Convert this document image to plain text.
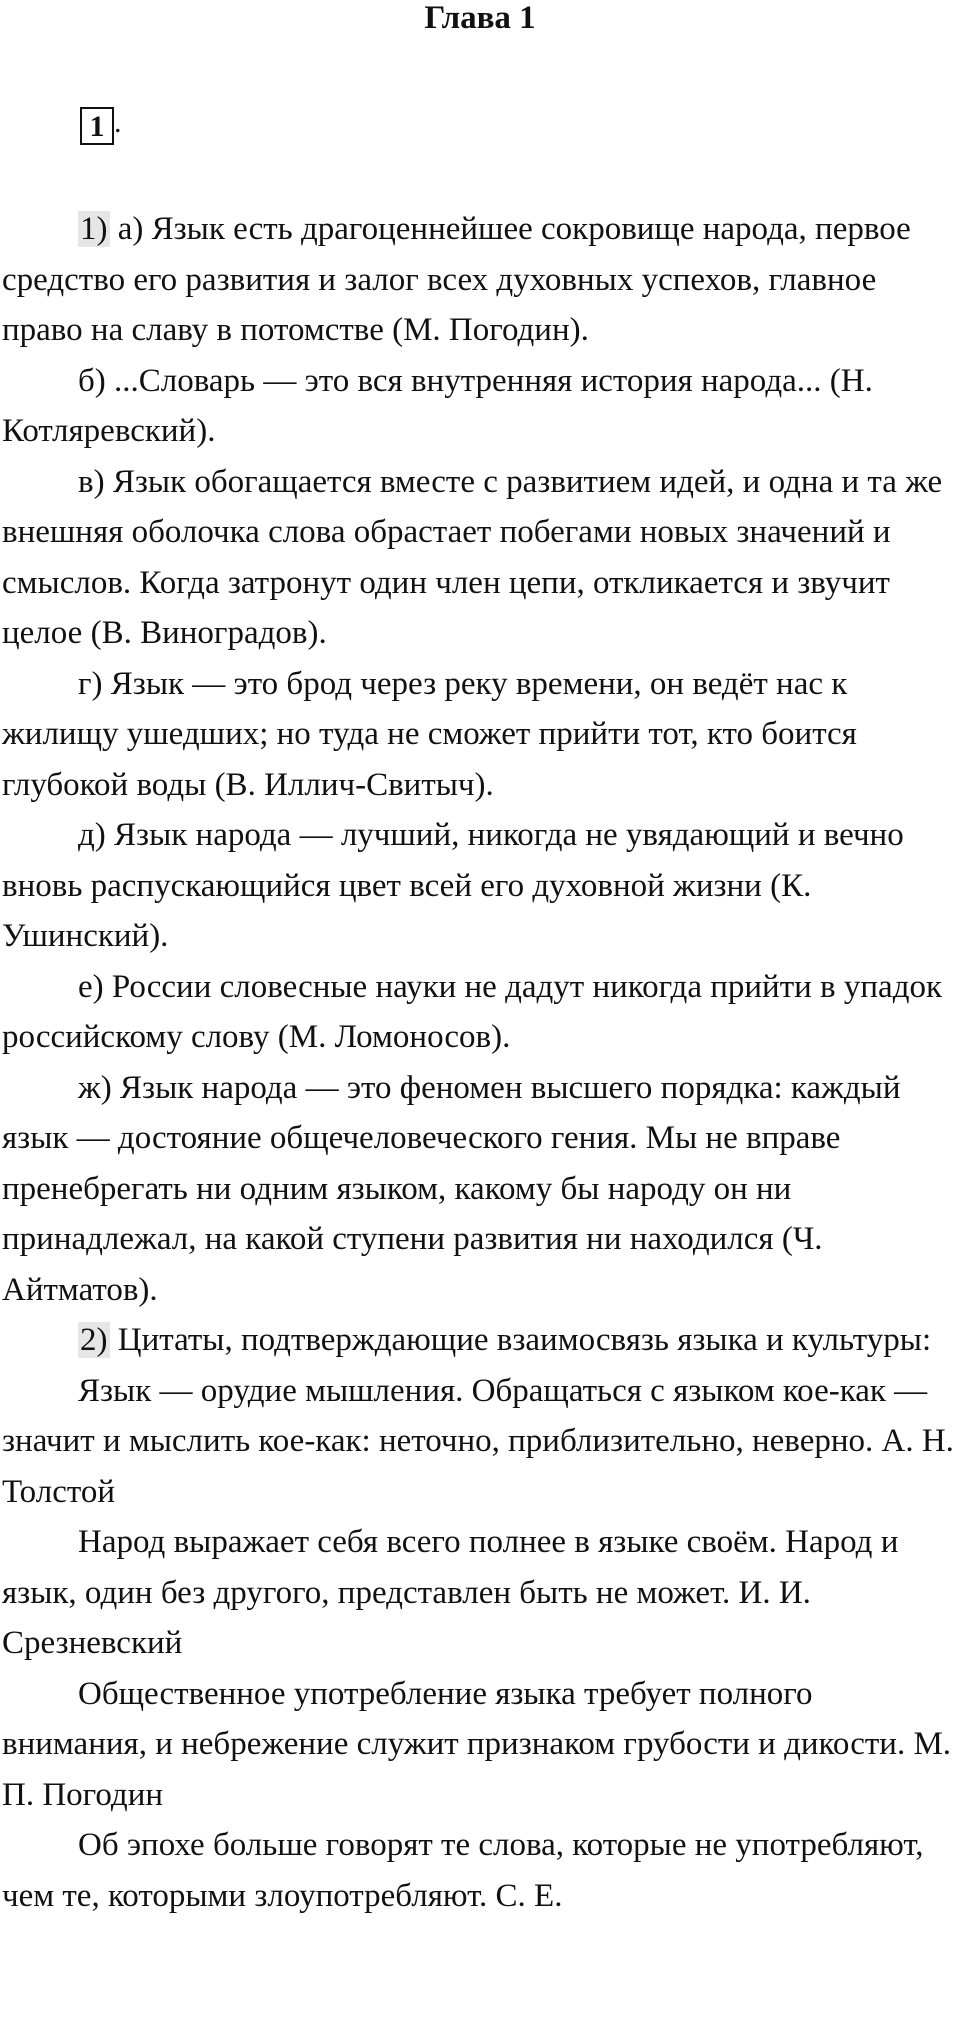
Глава 1
1 .

1) а) Язык есть драгоценнейшее сокровище народа, первое средство его развития и залог всех духовных успехов, главное право на славу в потомстве (М. Погодин).

б) ...Словарь — это вся внутренняя история народа... (Н. Котляревский).

в) Язык обогащается вместе с развитием идей, и одна и та же внешняя оболочка слова обрастает побегами новых значений и смыслов. Когда затронут один член цепи, откликается и звучит целое (В. Виноградов).

г) Язык — это брод через реку времени, он ведёт нас к жилищу ушедших; но туда не сможет прийти тот, кто боится глубокой воды (В. Иллич-Свитыч).

д) Язык народа — лучший, никогда не увядающий и вечно вновь распускающийся цвет всей его духовной жизни (К. Ушинский).

е) России словесные науки не дадут никогда прийти в упадок российскому слову (М. Ломоносов).

ж) Язык народа — это феномен высшего порядка: каждый язык — достояние общечеловеческого гения. Мы не вправе пренебрегать ни одним языком, какому бы народу он ни принадлежал, на какой ступени развития ни находился (Ч. Айтматов).

2) Цитаты, подтверждающие взаимосвязь языка и культуры:

Язык — орудие мышления. Обращаться с языком кое-как — значит и мыслить кое-как: неточно, приблизительно, неверно. А. Н. Толстой

Народ выражает себя всего полнее в языке своём. Народ и язык, один без другого, представлен быть не может. И. И. Срезневский

Общественное употребление языка требует полного внимания, и небрежение служит признаком грубости и дикости. М. П. Погодин

Об эпохе больше говорят те слова, которые не употребляют, чем те, которыми злоупотребляют. С. Е.
